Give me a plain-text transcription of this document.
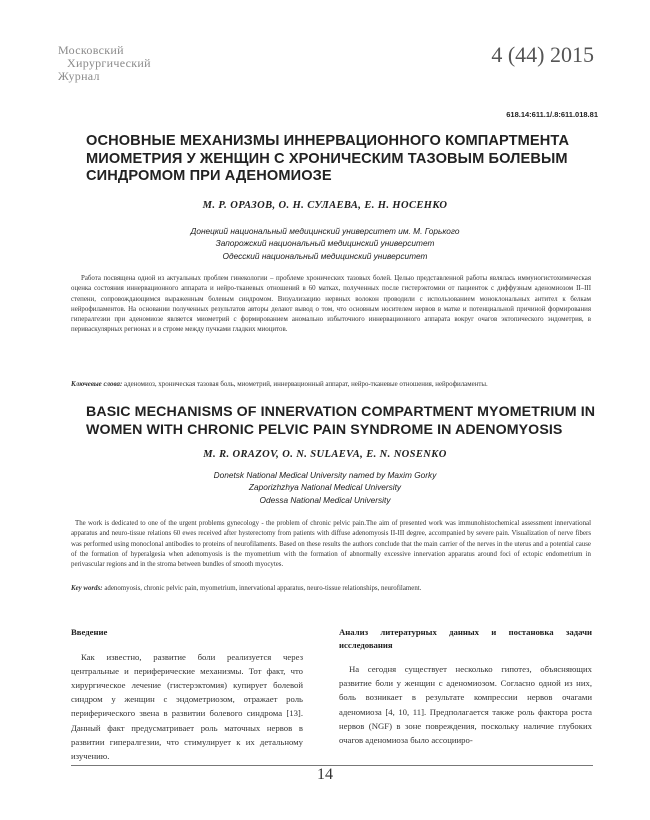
Московский
Хирургический
Журнал
4 (44) 2015
618.14:611.1/.8:611.018.81
ОСНОВНЫЕ МЕХАНИЗМЫ ИННЕРВАЦИОННОГО КОМПАРТМЕНТА МИОМЕТРИЯ У ЖЕНЩИН С ХРОНИЧЕСКИМ ТАЗОВЫМ БОЛЕВЫМ СИНДРОМОМ ПРИ АДЕНОМИОЗЕ
М. Р. ОРАЗОВ, О. Н. СУЛАЕВА, Е. Н. НОСЕНКО
Донецкий национальный медицинский университет им. М. Горького
Запорожский национальный медицинский университет
Одесский национальный медицинский университет
Работа посвящена одной из актуальных проблем гинекологии – проблеме хронических тазовых болей. Целью представленной работы являлась иммуногистохимическая оценка состояния иннервационного аппарата и нейро-тканевых отношений в 60 матках, полученных после гистерэктомии от пациенток с диффузным аденомиозом II–III степени, сопровождающимся выраженным болевым синдромом. Визуализацию нервных волокон проводили с использованием моноклональных антител к белкам нейрофиламентов. На основании полученных результатов авторы делают вывод о том, что основным носителем нервов в матке и потенциальной причиной формирования гипералгезии при аденомиозе является миометрий с формированием аномально избыточного иннервационного аппарата вокруг очагов эктопического эндометрия, в перивaскулярных регионах и в строме между пучками гладких миоцитов.
Ключевые слова: аденомиоз, хроническая тазовая боль, миометрий, иннервационный аппарат, нейро-тканевые отношения, нейрофиламенты.
BASIC MECHANISMS OF INNERVATION COMPARTMENT MYOMETRIUM IN WOMEN WITH CHRONIC PELVIC PAIN SYNDROME IN ADENOMYOSIS
M. R. ORAZOV, O. N. SULAEVA, E. N. NOSENKO
Donetsk National Medical University named by Maxim Gorky
Zaporizhzhya National Medical University
Odessa National Medical University
The work is dedicated to one of the urgent problems gynecology - the problem of chronic pelvic pain.The aim of presented work was immunohistochemical assessment innervational apparatus and neuro-tissue relations 60 ewes received after hysterectomy from patients with diffuse adenomyosis II-III degree, accompanied by severe pain. Visualization of nerve fibers was performed using monoclonal antibodies to proteins of neurofilaments. Based on these results the authors conclude that the main carrier of the nerves in the uterus and a potential cause of the formation of hyperalgesia when adenomyosis is the myometrium with the formation of abnormally excessive innervation apparatus around foci of ectopic endometrium in perivascular regions and in the stroma between bundles of smooth myocytes.
Key words: adenomyosis, chronic pelvic pain, myometrium, innervational apparatus, neuro-tissue relationships, neurofilament.
Введение

Как известно, развитие боли реализуется через центральные и периферические механизмы. Тот факт, что хирургическое лечение (гистерэктомия) купирует болевой синдром у женщин с эндометриозом, отражает роль периферического звена в развитии болевого синдрома [13]. Данный факт предусматривает роль маточных нервов в развитии гипералгезии, что стимулирует к их детальному изучению.

Анализ литературных данных и постановка задачи исследования

На сегодня существует несколько гипотез, объясняющих развитие боли у женщин с аденомиозом. Согласно одной из них, боль возникает в результате компрессии нервов очагами аденомиоза [4, 10, 11]. Предполагается также роль фактора роста нервов (NGF) в зоне повреждения, поскольку наличие глубоких очагов аденомиоза было ассоцииро-

14
